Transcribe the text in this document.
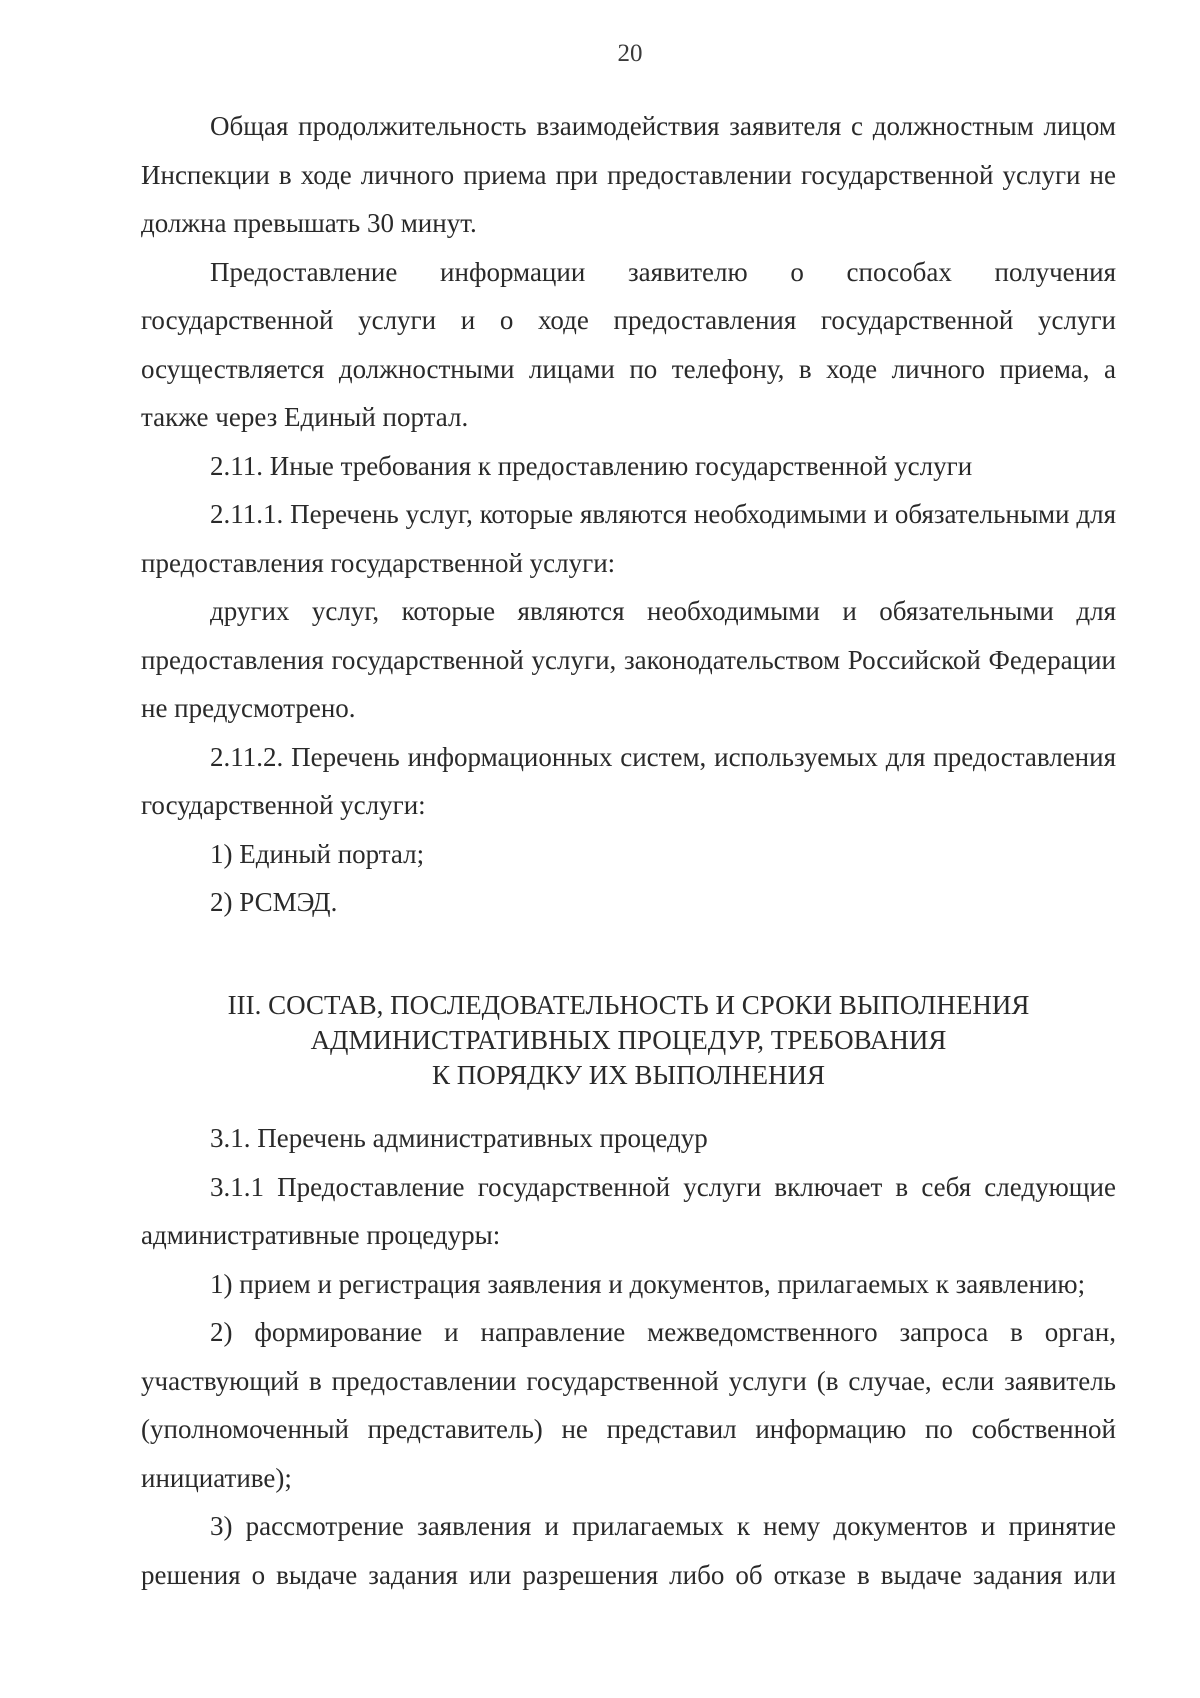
20

Общая продолжительность взаимодействия заявителя с должностным лицом Инспекции в ходе личного приема при предоставлении государственной услуги не должна превышать 30 минут.

Предоставление информации заявителю о способах получения государственной услуги и о ходе предоставления государственной услуги осуществляется должностными лицами по телефону, в ходе личного приема, а также через Единый портал.

2.11. Иные требования к предоставлению государственной услуги

2.11.1. Перечень услуг, которые являются необходимыми и обязательными для предоставления государственной услуги:

других услуг, которые являются необходимыми и обязательными для предоставления государственной услуги, законодательством Российской Федерации не предусмотрено.

2.11.2. Перечень информационных систем, используемых для предоставления государственной услуги:

1) Единый портал;

2) РСМЭД.

III. СОСТАВ, ПОСЛЕДОВАТЕЛЬНОСТЬ И СРОКИ ВЫПОЛНЕНИЯ
АДМИНИСТРАТИВНЫХ ПРОЦЕДУР, ТРЕБОВАНИЯ
К ПОРЯДКУ ИХ ВЫПОЛНЕНИЯ

3.1. Перечень административных процедур

3.1.1 Предоставление государственной услуги включает в себя следующие административные процедуры:

1) прием и регистрация заявления и документов, прилагаемых к заявлению;

2) формирование и направление межведомственного запроса в орган, участвующий в предоставлении государственной услуги (в случае, если заявитель (уполномоченный представитель) не представил информацию по собственной инициативе);

3) рассмотрение заявления и прилагаемых к нему документов и принятие решения о выдаче задания или разрешения либо об отказе в выдаче задания или
